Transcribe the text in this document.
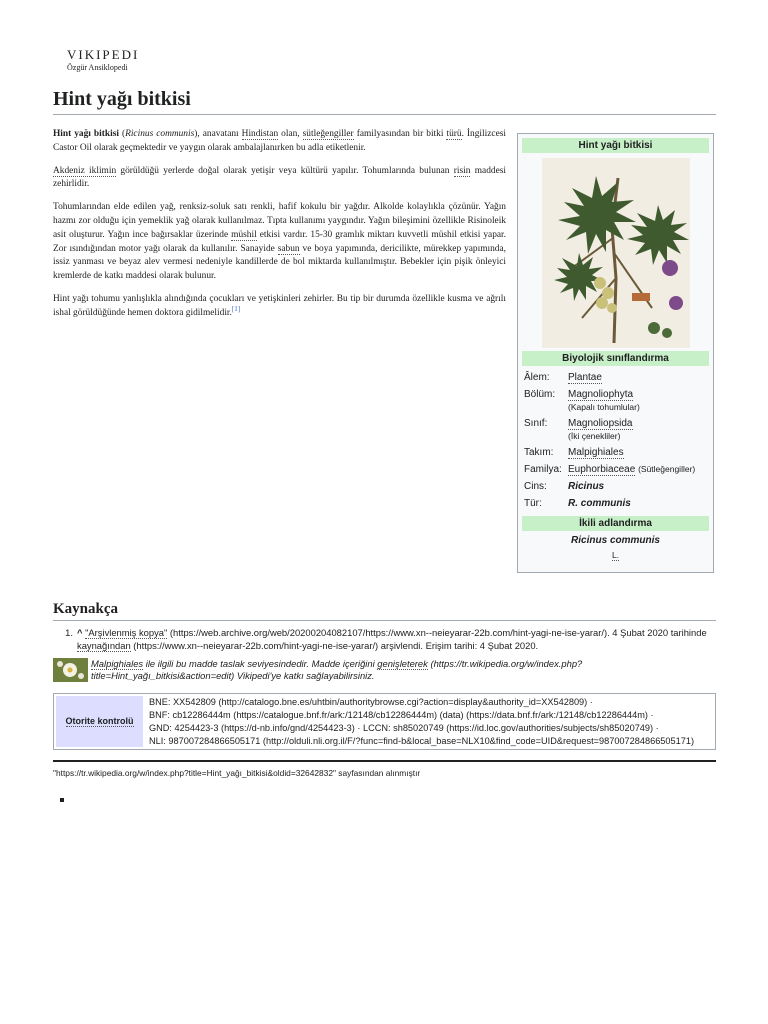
VIKIPEDI
Özgür Ansiklopedi
Hint yağı bitkisi

Hint yağı bitkisi (Ricinus communis), anavatanı Hindistan olan, sütleğengiller familyasından bir bitki türü. İngilizcesi Castor Oil olarak geçmektedir ve yaygın olarak ambalajlanırken bu adla etiketlenir.

Akdeniz iklimin görüldüğü yerlerde doğal olarak yetişir veya kültürü yapılır. Tohumlarında bulunan risin maddesi zehirlidir.

Tohumlarından elde edilen yağ, renksiz-soluk satı renkli, hafif kokulu bir yağdır. Alkolde kolaylıkla çözünür. Yağın hazmı zor olduğu için yemeklik yağ olarak kullanılmaz. Tıpta kullanımı yaygındır. Yağın bileşimini özellikle Risinoleik asit oluşturur. Yağın ince bağırsaklar üzerinde müshil etkisi vardır. 15-30 gramlık miktarı kuvvetli müshil etkisi yapar. Zor ısındığından motor yağı olarak da kullanılır. Sanayide sabun ve boya yapımında, dericilikte, mürekkep yapımında, issiz yanması ve beyaz alev vermesi nedeniyle kandillerde de bol miktarda kullanılmıştır. Bebekler için pişik önleyici kremlerde de katkı maddesi olarak bulunur.

Hint yağı tohumu yanlışlıkla alındığında çocukları ve yetişkinleri zehirler. Bu tip bir durumda özellikle kusma ve ağrılı ishal görüldüğünde hemen doktora gidilmelidir.[1]

Hint yağı bitkisi
Biyolojik sınıflandırma
Âlem:	Plantae
Bölüm:	Magnoliophyta
(Kapalı tohumlular)
Sınıf:	Magnoliopsida
(İki çenekliler)
Takım:	Malpighiales
Familya: Euphorbiaceae (Sütleğengiller)
Cins:	Ricinus
Tür:	R. communis
İkili adlandırma
Ricinus communis
L.
Kaynakça
1. ^ "Arşivlenmiş kopya" (https://web.archive.org/web/20200204082107/https://www.xn--neieyarar-22b.com/hint-yagi-ne-ise-yarar/). 4 Şubat 2020 tarihinde kaynağından (https://www.xn--neieyarar-22b.com/hint-yagi-ne-ise-yarar/) arşivlendi. Erişim tarihi: 4 Şubat 2020.
Malpighiales ile ilgili bu madde taslak seviyesindedir. Madde içeriğini genişleterek (https://tr.wikipedia.org/w/index.php?title=Hint_yağı_bitkisi&action=edit) Vikipedi'ye katkı sağlayabilirsiniz.
Otorite kontrolü
BNE: XX542809 (http://catalogo.bne.es/uhtbin/authoritybrowse.cgi?action=display&authority_id=XX542809) ·
BNF: cb12286444m (https://catalogue.bnf.fr/ark:/12148/cb12286444m) (data) (https://data.bnf.fr/ark:/12148/cb12286444m) ·
GND: 4254423-3 (https://d-nb.info/gnd/4254423-3) · LCCN: sh85020749 (https://id.loc.gov/authorities/subjects/sh85020749) ·
NLI: 987007284866505171 (http://olduli.nli.org.il/F/?func=find-b&local_base=NLX10&find_code=UID&request=987007284866505171)
"https://tr.wikipedia.org/w/index.php?title=Hint_yağı_bitkisi&oldid=32642832" sayfasından alınmıştır
